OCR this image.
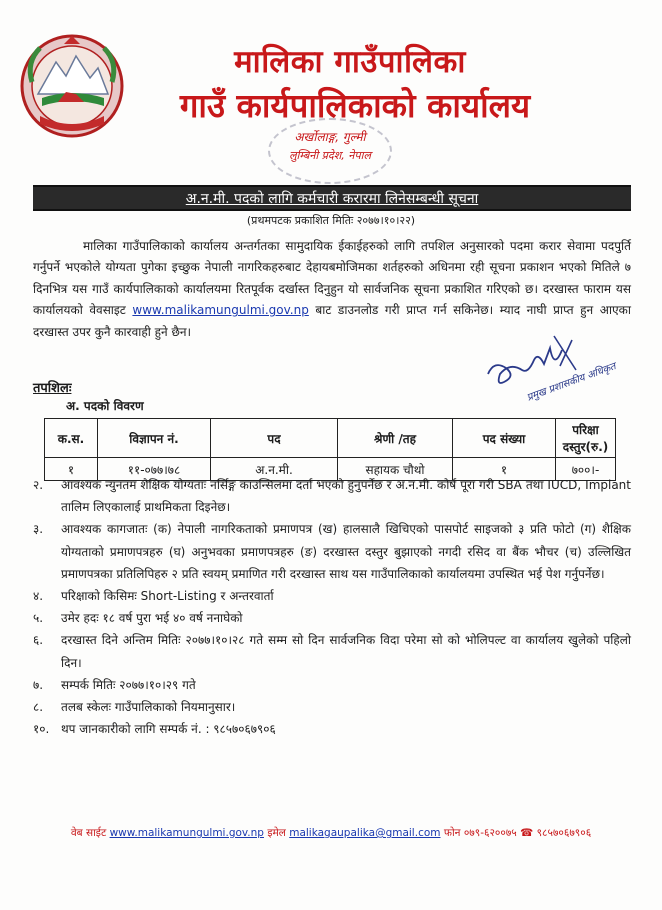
मालिका गाउँपालिका
गाउँ कार्यपालिकाको कार्यालय
अर्खोलाङ्ग, गुल्मी
लुम्बिनी प्रदेश, नेपाल
अ.न.मी. पदको लागि कर्मचारी करारमा लिनेसम्बन्धी सूचना
(प्रथमपटक प्रकाशित मितिः २०७७।१०।२२)
मालिका गाउँपालिकाको कार्यालय अन्तर्गतका सामुदायिक ईकाईहरुको लागि तपशिल अनुसारको पदमा करार सेवामा पदपुर्ति गर्नुपर्ने भएकोले योग्यता पुगेका इच्छुक नेपाली नागरिकहरुबाट देहायबमोजिमका शर्तहरुको अधिनमा रही सूचना प्रकाशन भएको मितिले ७ दिनभित्र यस गाउँ कार्यपालिकाको कार्यालयमा रितपूर्वक दर्खास्त दिनुहुन यो सार्वजनिक सूचना प्रकाशित गरिएको छ। दरखास्त फाराम यस कार्यालयको वेवसाइट www.malikamungulmi.gov.np बाट डाउनलोड गरी प्राप्त गर्न सकिनेछ। म्याद नाघी प्राप्त हुन आएका दरखास्त उपर कुनै कारवाही हुने छैन।
प्रमुख प्रशासकीय अधिकृत
तपशिलः
अ. पदको विवरण
क.स.	विज्ञापन नं.	पद	श्रेणी /तह	पद संख्या	परिक्षा दस्तुर(रु.)
१	११-०७७।७८	अ.न.मी.	सहायक चौथो	१	७००।-
२.	आवश्यक न्युनतम शैक्षिक योग्यताः नर्सिङ्ग काउन्सिलमा दर्ता भएको हुनुपर्नेछ र अ.न.मी. कोर्ष पूरा गरी SBA तथा IUCD, Implant तालिम लिएकालाई प्राथमिकता दिइनेछ।
३.	आवश्यक कागजातः (क) नेपाली नागरिकताको प्रमाणपत्र (ख) हालसालै खिचिएको पासपोर्ट साइजको ३ प्रति फोटो (ग) शैक्षिक योग्यताको प्रमाणपत्रहरु (घ) अनुभवका प्रमाणपत्रहरु (ङ) दरखास्त दस्तुर बुझाएको नगदी रसिद वा बैंक भौचर (च) उल्लिखित प्रमाणपत्रका प्रतिलिपिहरु २ प्रति स्वयम् प्रमाणित गरी दरखास्त साथ यस गाउँपालिकाको कार्यालयमा उपस्थित भई पेश गर्नुपर्नेछ।
४.	परिक्षाको किसिमः Short-Listing र अन्तरवार्ता
५.	उमेर हदः १८ वर्ष पुरा भई ४० वर्ष ननाघेको
६.	दरखास्त दिने अन्तिम मितिः २०७७।१०।२८ गते सम्म सो दिन सार्वजनिक विदा परेमा सो को भोलिपल्ट वा कार्यालय खुलेको पहिलो दिन।
७.	सम्पर्क मितिः २०७७।१०।२९ गते
८.	तलब स्केलः गाउँपालिकाको नियमानुसार।
१०. थप जानकारीको लागि सम्पर्क नं. : ९८५७०६७९०६
वेब साईट www.malikamungulmi.gov.np इमेल malikagaupalika@gmail.com फोन ०७९-६२००७५ ☎ ९८५७०६७९०६
